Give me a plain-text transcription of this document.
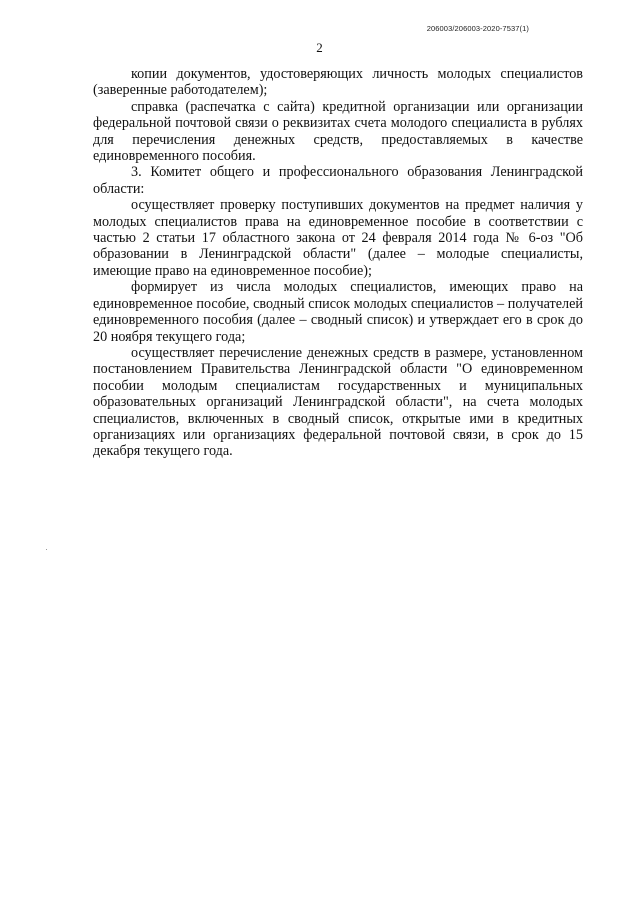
206003/206003-2020-7537(1)
2

копии документов, удостоверяющих личность молодых специалистов (заверенные работодателем);

справка (распечатка с сайта) кредитной организации или организации федеральной почтовой связи о реквизитах счета молодого специалиста в рублях для перечисления денежных средств, предоставляемых в качестве единовременного пособия.

3. Комитет общего и профессионального образования Ленинградской области:

осуществляет проверку поступивших документов на предмет наличия у молодых специалистов права на единовременное пособие в соответствии с частью 2 статьи 17 областного закона от 24 февраля 2014 года № 6-оз "Об образовании в Ленинградской области" (далее – молодые специалисты, имеющие право на единовременное пособие);

формирует из числа молодых специалистов, имеющих право на единовременное пособие, сводный список молодых специалистов – получателей единовременного пособия (далее – сводный список) и утверждает его в срок до 20 ноября текущего года;

осуществляет перечисление денежных средств в размере, установленном постановлением Правительства Ленинградской области "О единовременном пособии молодым специалистам государственных и муниципальных образовательных организаций Ленинградской области", на счета молодых специалистов, включенных в сводный список, открытые ими в кредитных организациях или организациях федеральной почтовой связи, в срок до 15 декабря текущего года.
